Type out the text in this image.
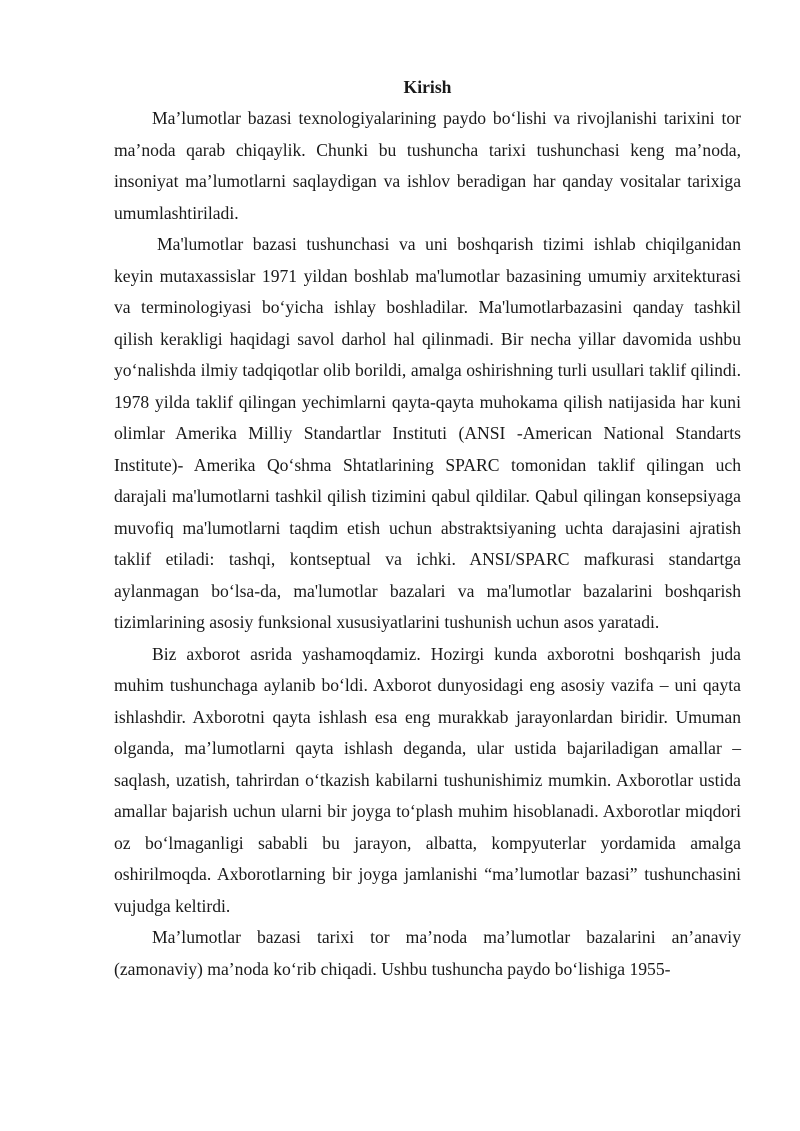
Kirish

Ma’lumotlar bazasi texnologiyalarining paydo bo‘lishi va rivojlanishi tarixini tor ma’noda qarab chiqaylik. Chunki bu tushuncha tarixi tushunchasi keng ma’noda, insoniyat ma’lumotlarni saqlaydigan va ishlov beradigan har qanday vositalar tarixiga umumlashtiriladi.

Ma'lumotlar bazasi tushunchasi va uni boshqarish tizimi ishlab chiqilganidan keyin mutaxassislar 1971 yildan boshlab ma'lumotlar bazasining umumiy arxitekturasi va terminologiyasi bo‘yicha ishlay boshladilar. Ma'lumotlarbazasini qanday tashkil qilish kerakligi haqidagi savol darhol hal qilinmadi. Bir necha yillar davomida ushbu yo‘nalishda ilmiy tadqiqotlar olib borildi, amalga oshirishning turli usullari taklif qilindi. 1978 yilda taklif qilingan yechimlarni qayta-qayta muhokama qilish natijasida har kuni olimlar Amerika Milliy Standartlar Instituti (ANSI -American National Standarts Institute)- Amerika Qo‘shma Shtatlarining SPARC tomonidan taklif qilingan uch darajali ma'lumotlarni tashkil qilish tizimini qabul qildilar. Qabul qilingan konsepsiyaga muvofiq ma'lumotlarni taqdim etish uchun abstraktsiyaning uchta darajasini ajratish taklif etiladi: tashqi, kontseptual va ichki. ANSI/SPARC mafkurasi standartga aylanmagan bo‘lsa-da, ma'lumotlar bazalari va ma'lumotlar bazalarini boshqarish tizimlarining asosiy funksional xususiyatlarini tushunish uchun asos yaratadi.

Biz axborot asrida yashamoqdamiz. Hozirgi kunda axborotni boshqarish juda muhim tushunchaga aylanib bo‘ldi. Axborot dunyosidagi eng asosiy vazifa – uni qayta ishlashdir. Axborotni qayta ishlash esa eng murakkab jarayonlardan biridir. Umuman olganda, ma’lumotlarni qayta ishlash deganda, ular ustida bajariladigan amallar – saqlash, uzatish, tahrirdan o‘tkazish kabilarni tushunishimiz mumkin. Axborotlar ustida amallar bajarish uchun ularni bir joyga to‘plash muhim hisoblanadi. Axborotlar miqdori oz bo‘lmaganligi sababli bu jarayon, albatta, kompyuterlar yordamida amalga oshirilmoqda. Axborotlarning bir joyga jamlanishi “ma’lumotlar bazasi” tushunchasini vujudga keltirdi.

Ma’lumotlar bazasi tarixi tor ma’noda ma’lumotlar bazalarini an’anaviy (zamonaviy) ma’noda ko‘rib chiqadi. Ushbu tushuncha paydo bo‘lishiga 1955-
